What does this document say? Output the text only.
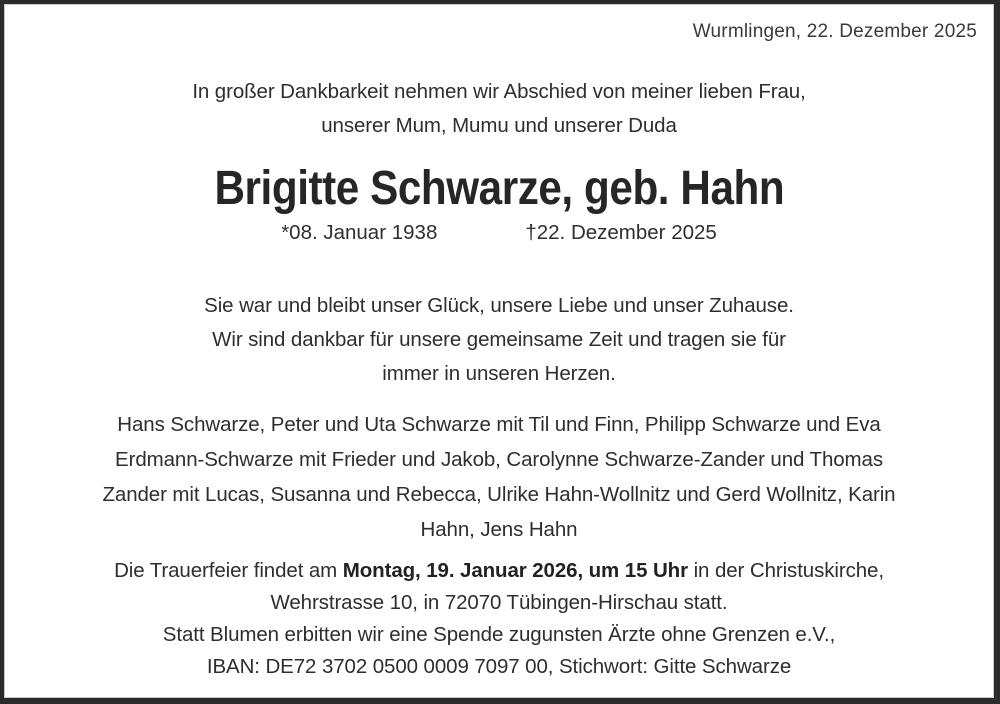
Wurmlingen, 22. Dezember 2025

In großer Dankbarkeit nehmen wir Abschied von meiner lieben Frau,

unserer Mum, Mumu und unserer Duda

Brigitte Schwarze, geb. Hahn
*08. Januar 1938	†22. Dezember 2025

Sie war und bleibt unser Glück, unsere Liebe und unser Zuhause.

Wir sind dankbar für unsere gemeinsame Zeit und tragen sie für

immer in unseren Herzen.

Hans Schwarze, Peter und Uta Schwarze mit Til und Finn, Philipp Schwarze und Eva

Erdmann-Schwarze mit Frieder und Jakob, Carolynne Schwarze-Zander und Thomas

Zander mit Lucas, Susanna und Rebecca, Ulrike Hahn-Wollnitz und Gerd Wollnitz, Karin

Hahn, Jens Hahn

Die Trauerfeier findet am Montag, 19. Januar 2026, um 15 Uhr in der Christuskirche,

Wehrstrasse 10, in 72070 Tübingen-Hirschau statt.

Statt Blumen erbitten wir eine Spende zugunsten Ärzte ohne Grenzen e.V.,

IBAN: DE72 3702 0500 0009 7097 00, Stichwort: Gitte Schwarze
